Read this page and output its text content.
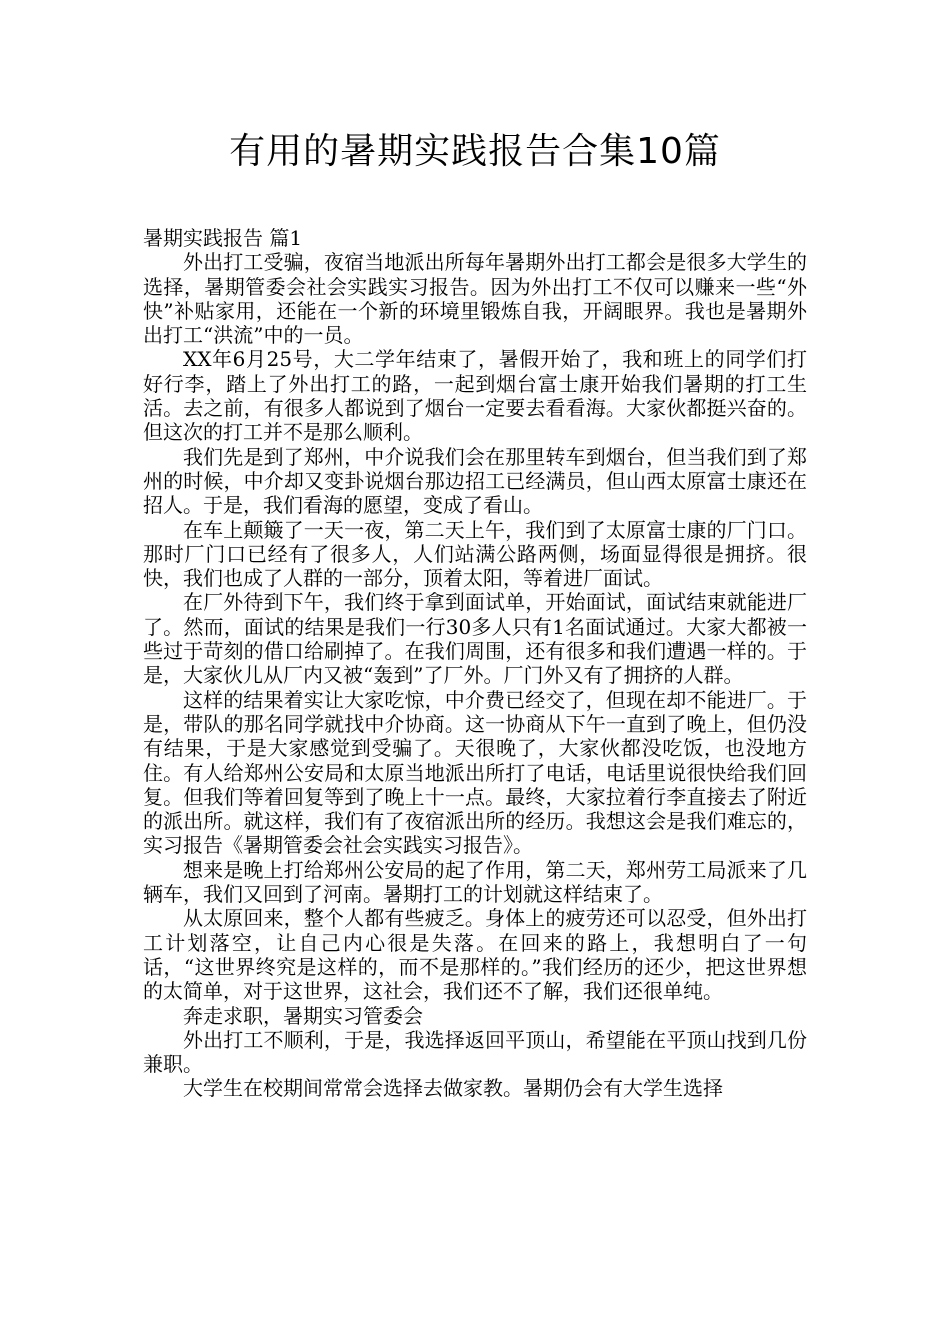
有用的暑期实践报告合集10篇

暑期实践报告 篇1

外出打工受骗，夜宿当地派出所每年暑期外出打工都会是很多大学生的选择，暑期管委会社会实践实习报告。因为外出打工不仅可以赚来一些“外快”补贴家用，还能在一个新的环境里锻炼自我，开阔眼界。我也是暑期外出打工“洪流”中的一员。

XX年6月25号，大二学年结束了，暑假开始了，我和班上的同学们打好行李，踏上了外出打工的路，一起到烟台富士康开始我们暑期的打工生活。去之前，有很多人都说到了烟台一定要去看看海。大家伙都挺兴奋的。但这次的打工并不是那么顺利。

我们先是到了郑州，中介说我们会在那里转车到烟台，但当我们到了郑州的时候，中介却又变卦说烟台那边招工已经满员，但山西太原富士康还在招人。于是，我们看海的愿望，变成了看山。

在车上颠簸了一天一夜，第二天上午，我们到了太原富士康的厂门口。那时厂门口已经有了很多人，人们站满公路两侧，场面显得很是拥挤。很快，我们也成了人群的一部分，顶着太阳，等着进厂面试。

在厂外待到下午，我们终于拿到面试单，开始面试，面试结束就能进厂了。然而，面试的结果是我们一行30多人只有1名面试通过。大家大都被一些过于苛刻的借口给刷掉了。在我们周围，还有很多和我们遭遇一样的。于是，大家伙儿从厂内又被“轰到”了厂外。厂门外又有了拥挤的人群。

这样的结果着实让大家吃惊，中介费已经交了，但现在却不能进厂。于是，带队的那名同学就找中介协商。这一协商从下午一直到了晚上，但仍没有结果，于是大家感觉到受骗了。天很晚了，大家伙都没吃饭，也没地方住。有人给郑州公安局和太原当地派出所打了电话，电话里说很快给我们回复。但我们等着回复等到了晚上十一点。最终，大家拉着行李直接去了附近的派出所。就这样，我们有了夜宿派出所的经历。我想这会是我们难忘的，实习报告《暑期管委会社会实践实习报告》。

想来是晚上打给郑州公安局的起了作用，第二天，郑州劳工局派来了几辆车，我们又回到了河南。暑期打工的计划就这样结束了。

从太原回来，整个人都有些疲乏。身体上的疲劳还可以忍受，但外出打工计划落空，让自己内心很是失落。在回来的路上，我想明白了一句话，“这世界终究是这样的，而不是那样的。”我们经历的还少，把这世界想的太简单，对于这世界，这社会，我们还不了解，我们还很单纯。

奔走求职，暑期实习管委会

外出打工不顺利，于是，我选择返回平顶山，希望能在平顶山找到几份兼职。

大学生在校期间常常会选择去做家教。暑期仍会有大学生选择
